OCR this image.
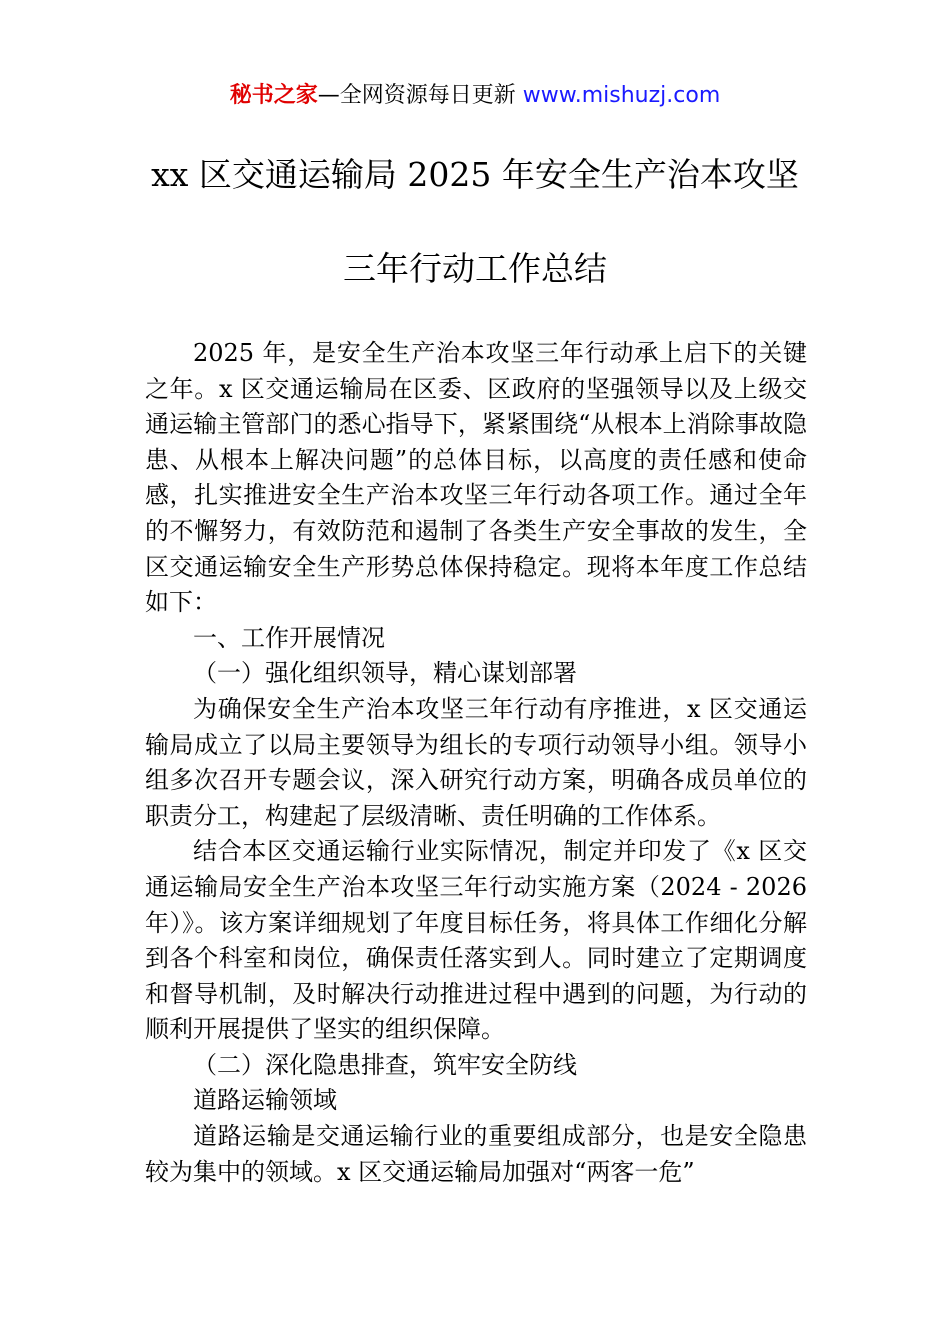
秘书之家—全网资源每日更新 www.mishuzj.com
xx 区交通运输局 2025 年安全生产治本攻坚
三年行动工作总结

2025 年，是安全生产治本攻坚三年行动承上启下的关键之年。x 区交通运输局在区委、区政府的坚强领导以及上级交通运输主管部门的悉心指导下，紧紧围绕“从根本上消除事故隐患、从根本上解决问题”的总体目标，以高度的责任感和使命感，扎实推进安全生产治本攻坚三年行动各项工作。通过全年的不懈努力，有效防范和遏制了各类生产安全事故的发生，全区交通运输安全生产形势总体保持稳定。现将本年度工作总结如下：

一、工作开展情况

（一）强化组织领导，精心谋划部署

为确保安全生产治本攻坚三年行动有序推进，x 区交通运输局成立了以局主要领导为组长的专项行动领导小组。领导小组多次召开专题会议，深入研究行动方案，明确各成员单位的职责分工，构建起了层级清晰、责任明确的工作体系。

结合本区交通运输行业实际情况，制定并印发了《x 区交通运输局安全生产治本攻坚三年行动实施方案（2024 - 2026 年）》。该方案详细规划了年度目标任务，将具体工作细化分解到各个科室和岗位，确保责任落实到人。同时建立了定期调度和督导机制，及时解决行动推进过程中遇到的问题，为行动的顺利开展提供了坚实的组织保障。

（二）深化隐患排查，筑牢安全防线

道路运输领域

道路运输是交通运输行业的重要组成部分，也是安全隐患较为集中的领域。x 区交通运输局加强对“两客一危”
